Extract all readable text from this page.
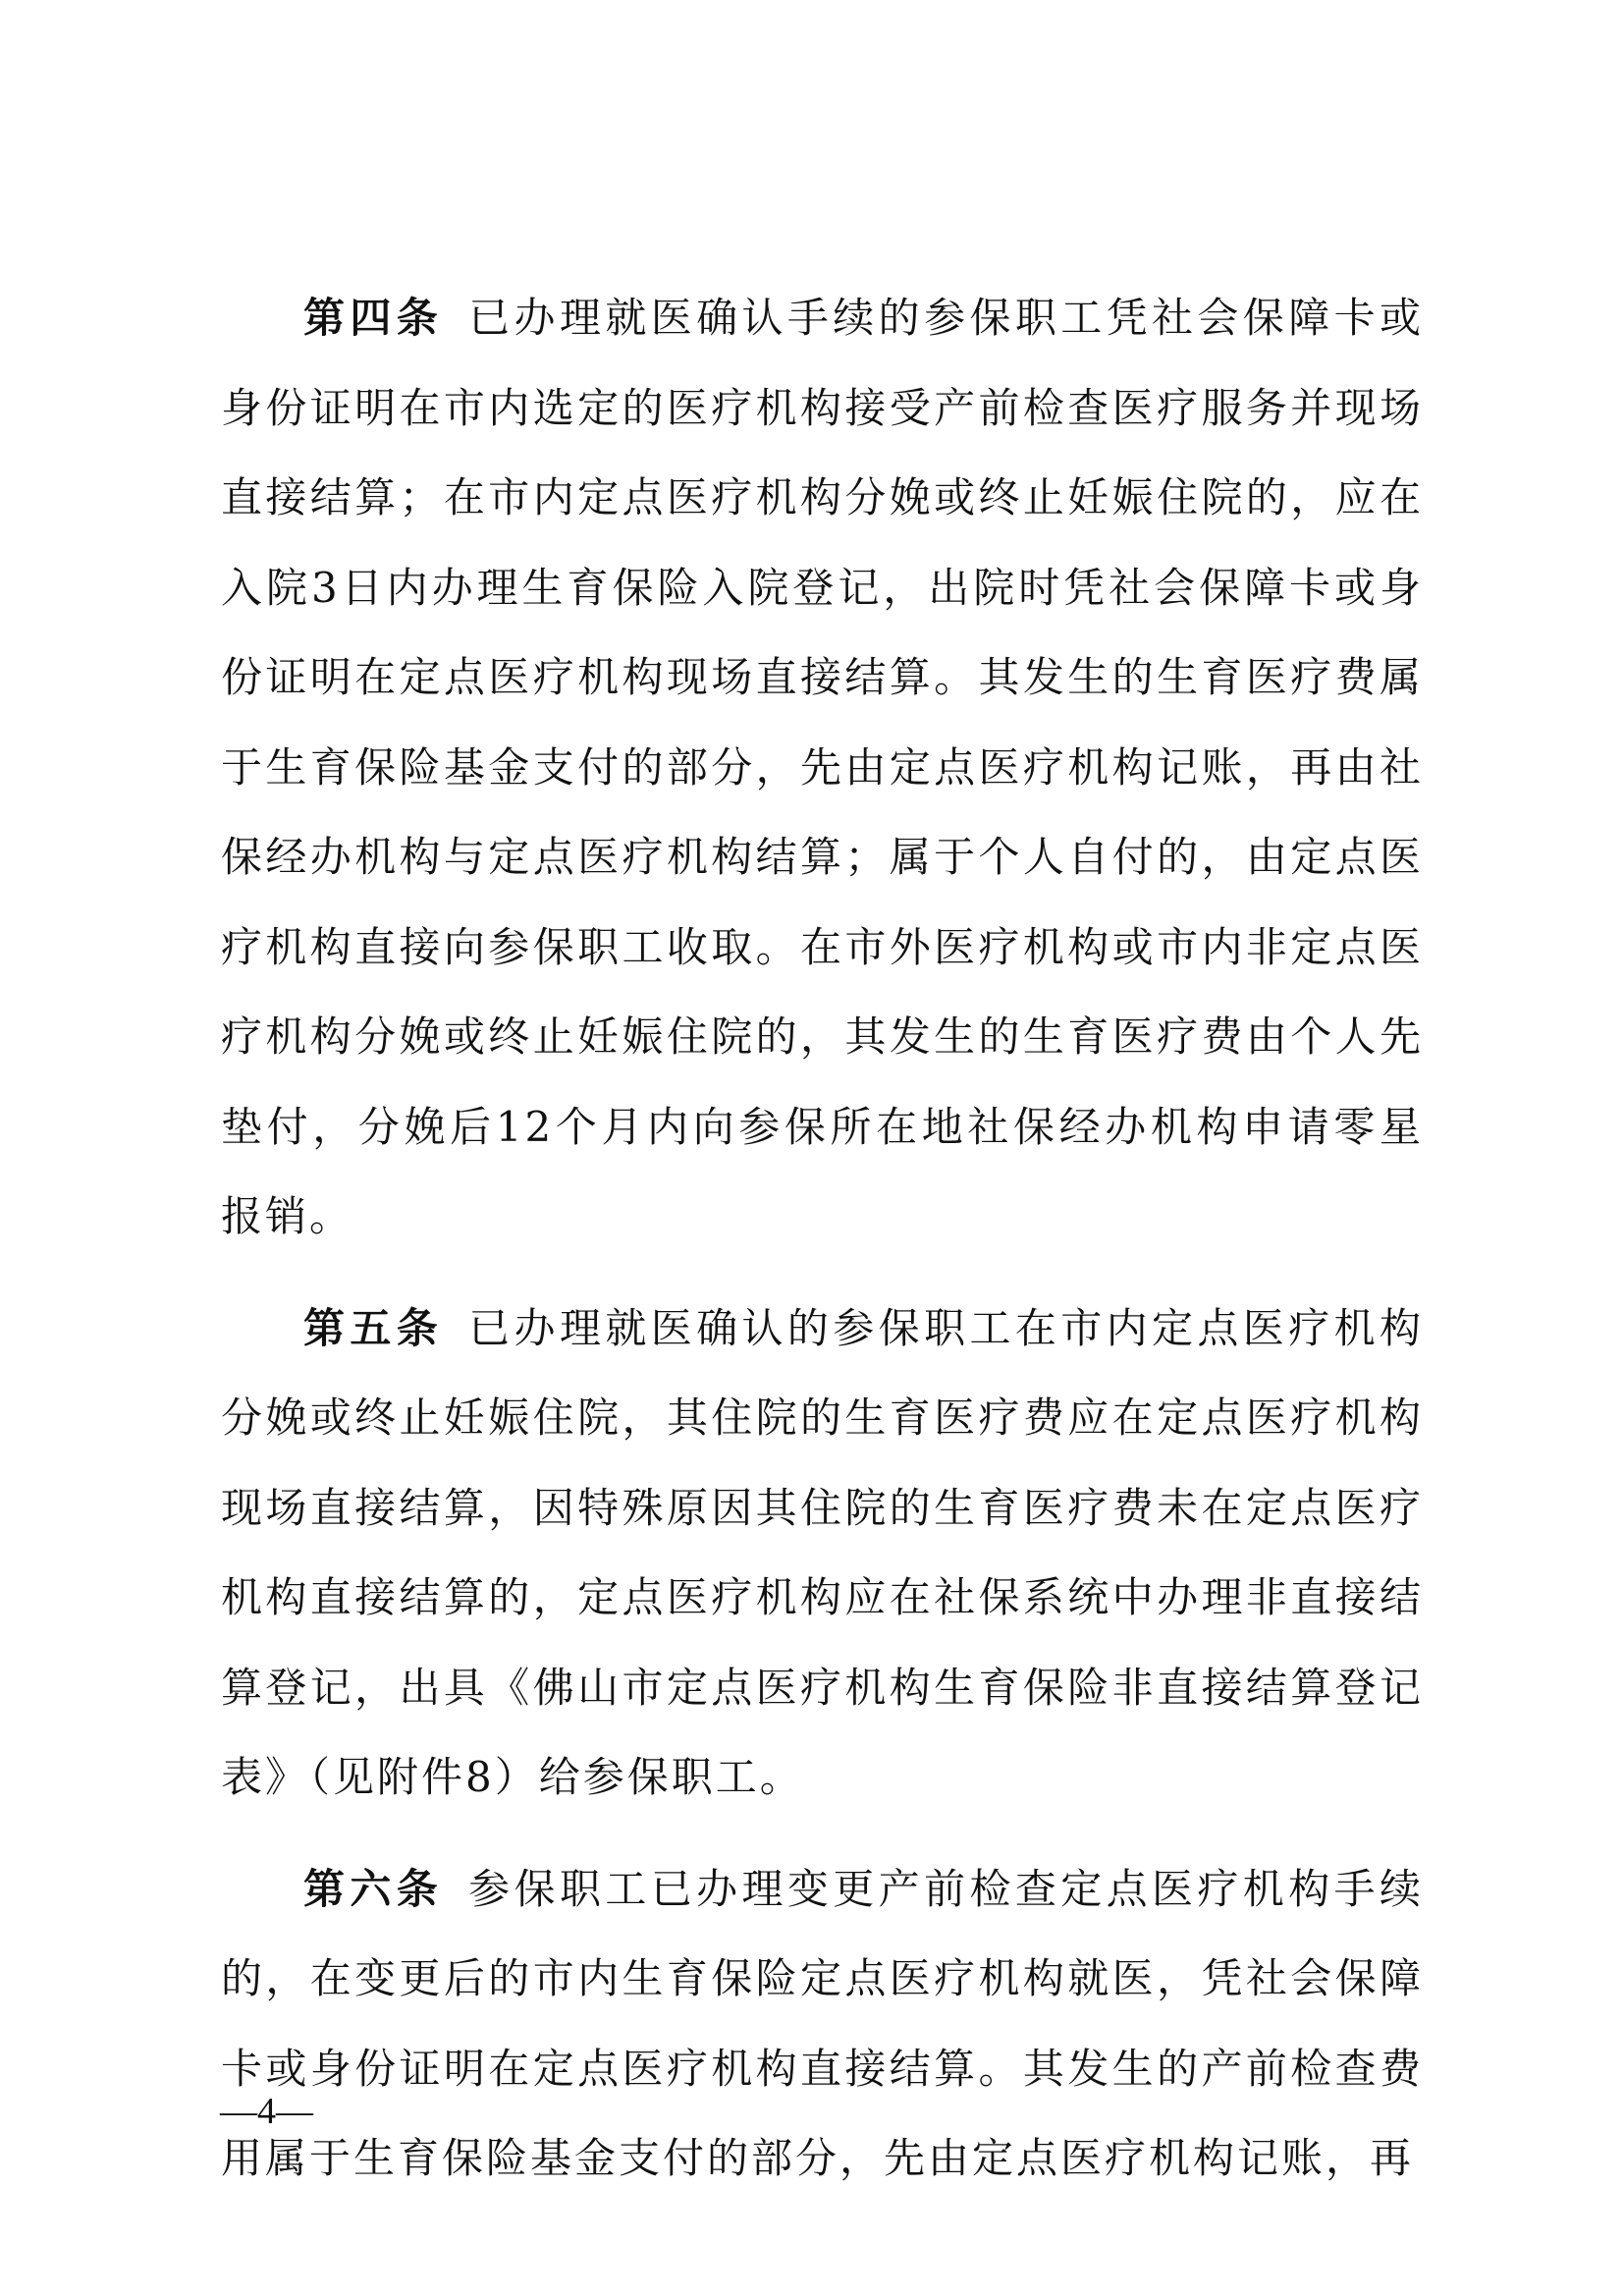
第四条 已办理就医确认手续的参保职工凭社会保障卡或身份证明在市内选定的医疗机构接受产前检查医疗服务并现场直接结算；在市内定点医疗机构分娩或终止妊娠住院的，应在入院3日内办理生育保险入院登记，出院时凭社会保障卡或身份证明在定点医疗机构现场直接结算。其发生的生育医疗费属于生育保险基金支付的部分，先由定点医疗机构记账，再由社保经办机构与定点医疗机构结算；属于个人自付的，由定点医疗机构直接向参保职工收取。在市外医疗机构或市内非定点医疗机构分娩或终止妊娠住院的，其发生的生育医疗费由个人先垫付，分娩后12个月内向参保所在地社保经办机构申请零星报销。

第五条 已办理就医确认的参保职工在市内定点医疗机构分娩或终止妊娠住院，其住院的生育医疗费应在定点医疗机构现场直接结算，因特殊原因其住院的生育医疗费未在定点医疗机构直接结算的，定点医疗机构应在社保系统中办理非直接结算登记，出具《佛山市定点医疗机构生育保险非直接结算登记表》（见附件8）给参保职工。

第六条 参保职工已办理变更产前检查定点医疗机构手续的，在变更后的市内生育保险定点医疗机构就医，凭社会保障卡或身份证明在定点医疗机构直接结算。其发生的产前检查费用属于生育保险基金支付的部分，先由定点医疗机构记账，再

—4—
